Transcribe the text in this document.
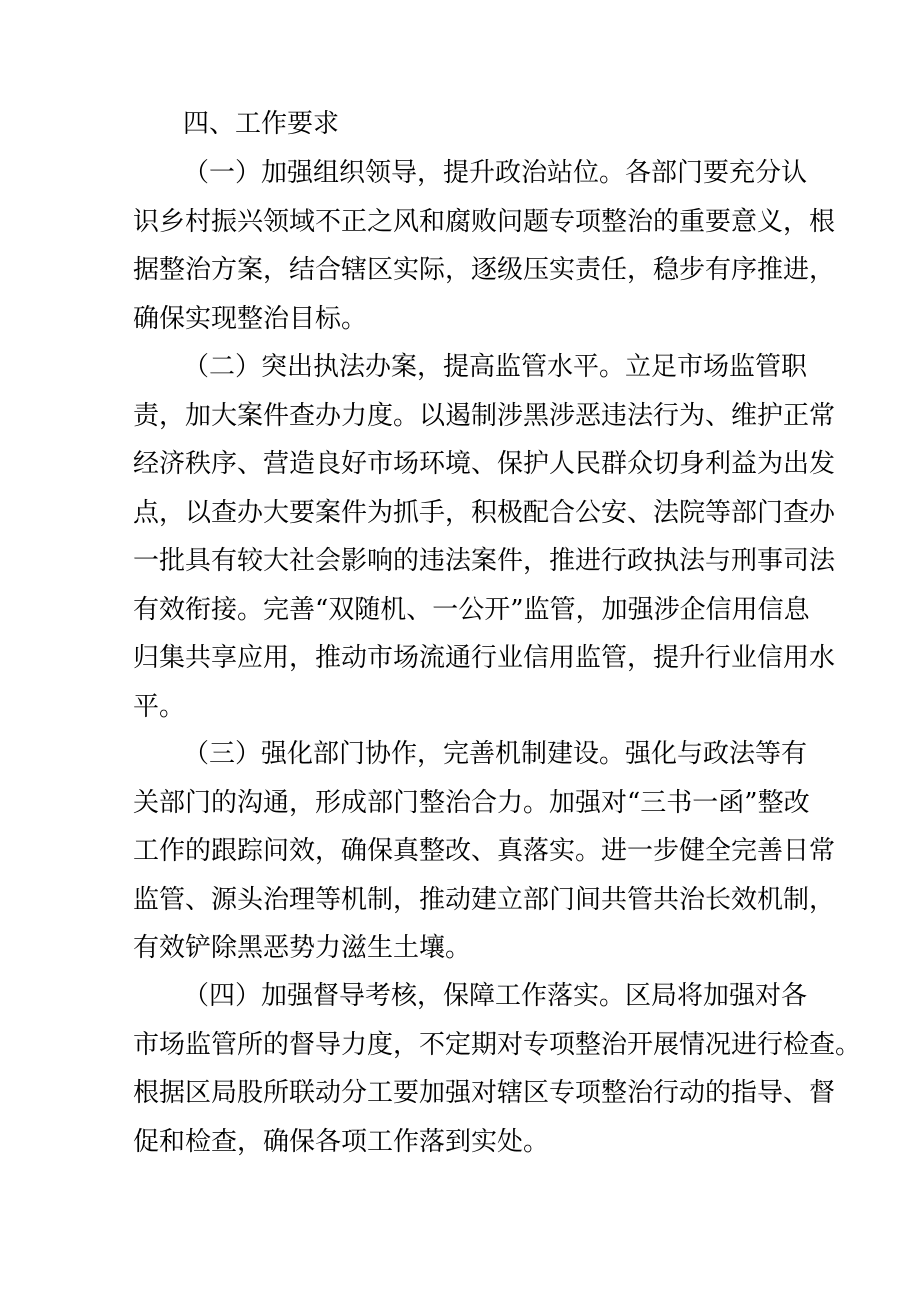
四、工作要求
（一）加强组织领导，提升政治站位。各部门要充分认
识乡村振兴领域不正之风和腐败问题专项整治的重要意义，根
据整治方案，结合辖区实际，逐级压实责任，稳步有序推进，
确保实现整治目标。
（二）突出执法办案，提高监管水平。立足市场监管职
责，加大案件查办力度。以遏制涉黑涉恶违法行为、维护正常
经济秩序、营造良好市场环境、保护人民群众切身利益为出发
点，以查办大要案件为抓手，积极配合公安、法院等部门查办
一批具有较大社会影响的违法案件，推进行政执法与刑事司法
有效衔接。完善“双随机、一公开”监管，加强涉企信用信息
归集共享应用，推动市场流通行业信用监管，提升行业信用水
平。
（三）强化部门协作，完善机制建设。强化与政法等有
关部门的沟通，形成部门整治合力。加强对“三书一函”整改
工作的跟踪问效，确保真整改、真落实。进一步健全完善日常
监管、源头治理等机制，推动建立部门间共管共治长效机制，
有效铲除黑恶势力滋生土壤。
（四）加强督导考核，保障工作落实。区局将加强对各
市场监管所的督导力度，不定期对专项整治开展情况进行检查。
根据区局股所联动分工要加强对辖区专项整治行动的指导、督
促和检查，确保各项工作落到实处。
